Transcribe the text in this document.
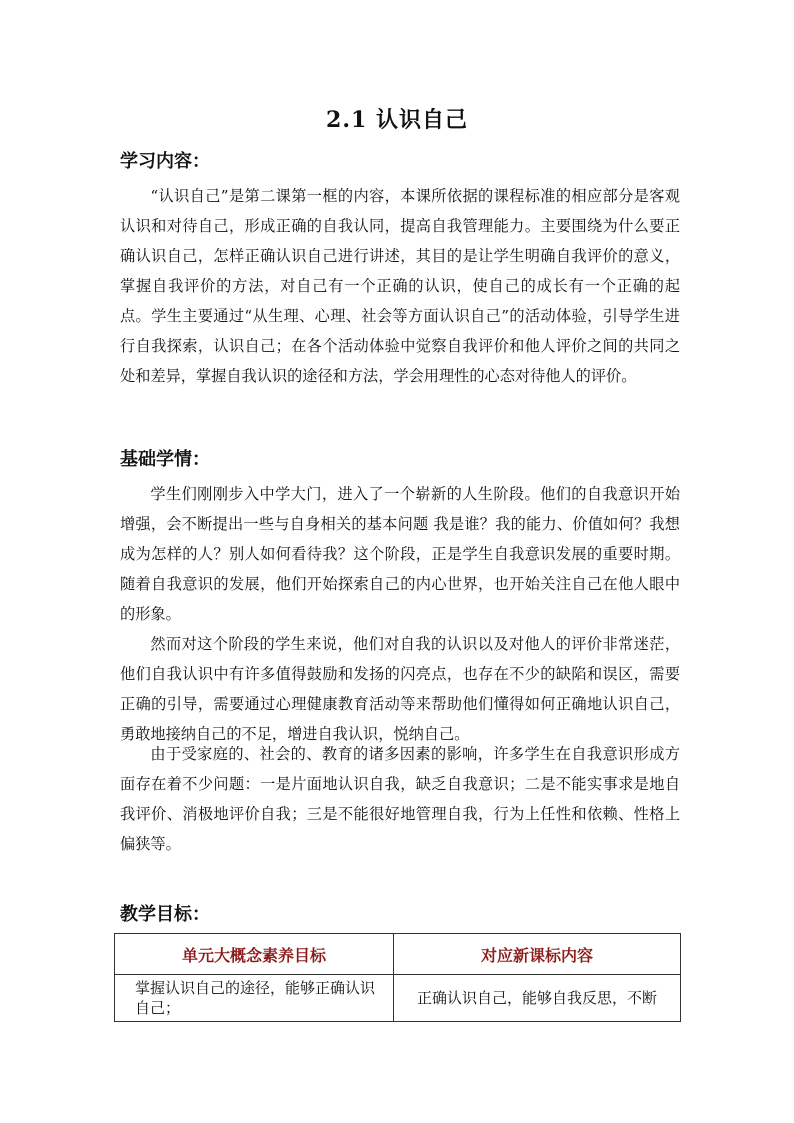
2.1 认识自己
学习内容：

“认识自己”是第二课第一框的内容，本课所依据的课程标准的相应部分是客观认识和对待自己，形成正确的自我认同，提高自我管理能力。主要围绕为什么要正确认识自己，怎样正确认识自己进行讲述，其目的是让学生明确自我评价的意义，掌握自我评价的方法，对自己有一个正确的认识，使自己的成长有一个正确的起点。学生主要通过“从生理、心理、社会等方面认识自己”的活动体验，引导学生进行自我探索，认识自己；在各个活动体验中觉察自我评价和他人评价之间的共同之处和差异，掌握自我认识的途径和方法，学会用理性的心态对待他人的评价。

基础学情：

学生们刚刚步入中学大门，进入了一个崭新的人生阶段。他们的自我意识开始增强，会不断提出一些与自身相关的基本问题 我是谁？我的能力、价值如何？我想成为怎样的人？别人如何看待我？这个阶段，正是学生自我意识发展的重要时期。随着自我意识的发展，他们开始探索自己的内心世界，也开始关注自己在他人眼中的形象。

然而对这个阶段的学生来说，他们对自我的认识以及对他人的评价非常迷茫，他们自我认识中有许多值得鼓励和发扬的闪亮点，也存在不少的缺陷和误区，需要正确的引导，需要通过心理健康教育活动等来帮助他们懂得如何正确地认识自己，勇敢地接纳自己的不足，增进自我认识，悦纳自己。

由于受家庭的、社会的、教育的诸多因素的影响，许多学生在自我意识形成方面存在着不少问题：一是片面地认识自我，缺乏自我意识；二是不能实事求是地自我评价、消极地评价自我；三是不能很好地管理自我，行为上任性和依赖、性格上偏狭等。

教学目标：
单元大概念素养目标	对应新课标内容
掌握认识自己的途径，能够正确认识自己；	正确认识自己，能够自我反思，不断
